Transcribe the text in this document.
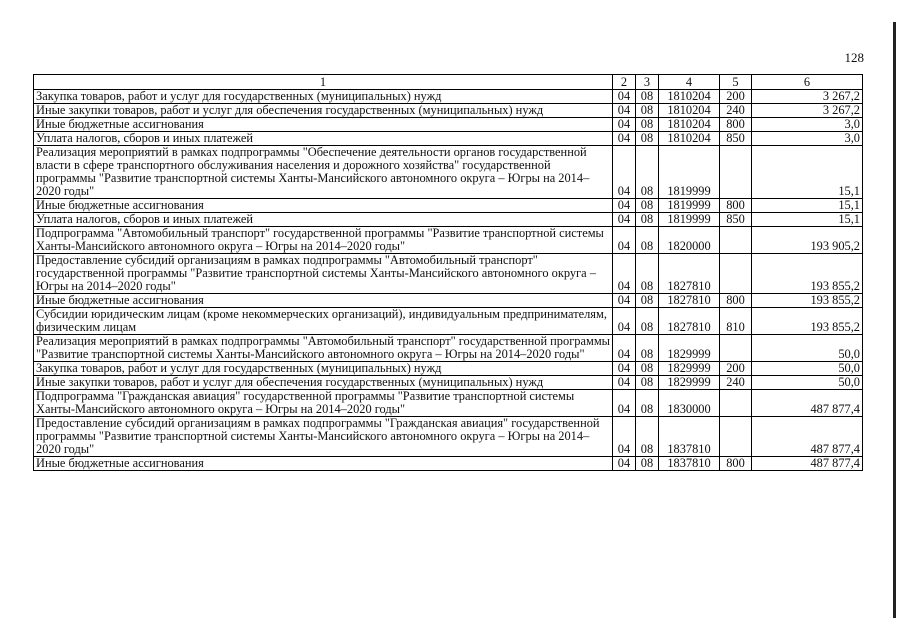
128
1	2	3	4	5	6
Закупка товаров, работ и услуг для государственных (муниципальных) нужд	04	08	1810204	200	3 267,2
Иные закупки товаров, работ и услуг для обеспечения государственных (муниципальных) нужд	04	08	1810204	240	3 267,2
Иные бюджетные ассигнования	04	08	1810204	800	3,0
Уплата налогов, сборов и иных платежей	04	08	1810204	850	3,0
Реализация мероприятий в рамках подпрограммы "Обеспечение деятельности органов государственной власти в сфере транспортного обслуживания населения и дорожного хозяйства" государственной программы "Развитие транспортной системы Ханты-Мансийского автономного округа – Югры на 2014–2020 годы"	04	08	1819999		15,1
Иные бюджетные ассигнования	04	08	1819999	800	15,1
Уплата налогов, сборов и иных платежей	04	08	1819999	850	15,1
Подпрограмма "Автомобильный транспорт" государственной программы "Развитие транспортной системы Ханты-Мансийского автономного округа – Югры на 2014–2020 годы"	04	08	1820000		193 905,2
Предоставление субсидий организациям в рамках подпрограммы "Автомобильный транспорт" государственной программы "Развитие транспортной системы Ханты-Мансийского автономного округа – Югры на 2014–2020 годы"	04	08	1827810		193 855,2
Иные бюджетные ассигнования	04	08	1827810	800	193 855,2
Субсидии юридическим лицам (кроме некоммерческих организаций), индивидуальным предпринимателям, физическим лицам	04	08	1827810	810	193 855,2
Реализация мероприятий в рамках подпрограммы "Автомобильный транспорт" государственной программы "Развитие транспортной системы Ханты-Мансийского автономного округа – Югры на 2014–2020 годы"	04	08	1829999		50,0
Закупка товаров, работ и услуг для государственных (муниципальных) нужд	04	08	1829999	200	50,0
Иные закупки товаров, работ и услуг для обеспечения государственных (муниципальных) нужд	04	08	1829999	240	50,0
Подпрограмма "Гражданская авиация" государственной программы "Развитие транспортной системы Ханты-Мансийского автономного округа – Югры на 2014–2020 годы"	04	08	1830000		487 877,4
Предоставление субсидий организациям в рамках подпрограммы "Гражданская авиация" государственной программы "Развитие транспортной системы Ханты-Мансийского автономного округа – Югры на 2014–2020 годы"	04	08	1837810		487 877,4
Иные бюджетные ассигнования	04	08	1837810	800	487 877,4
